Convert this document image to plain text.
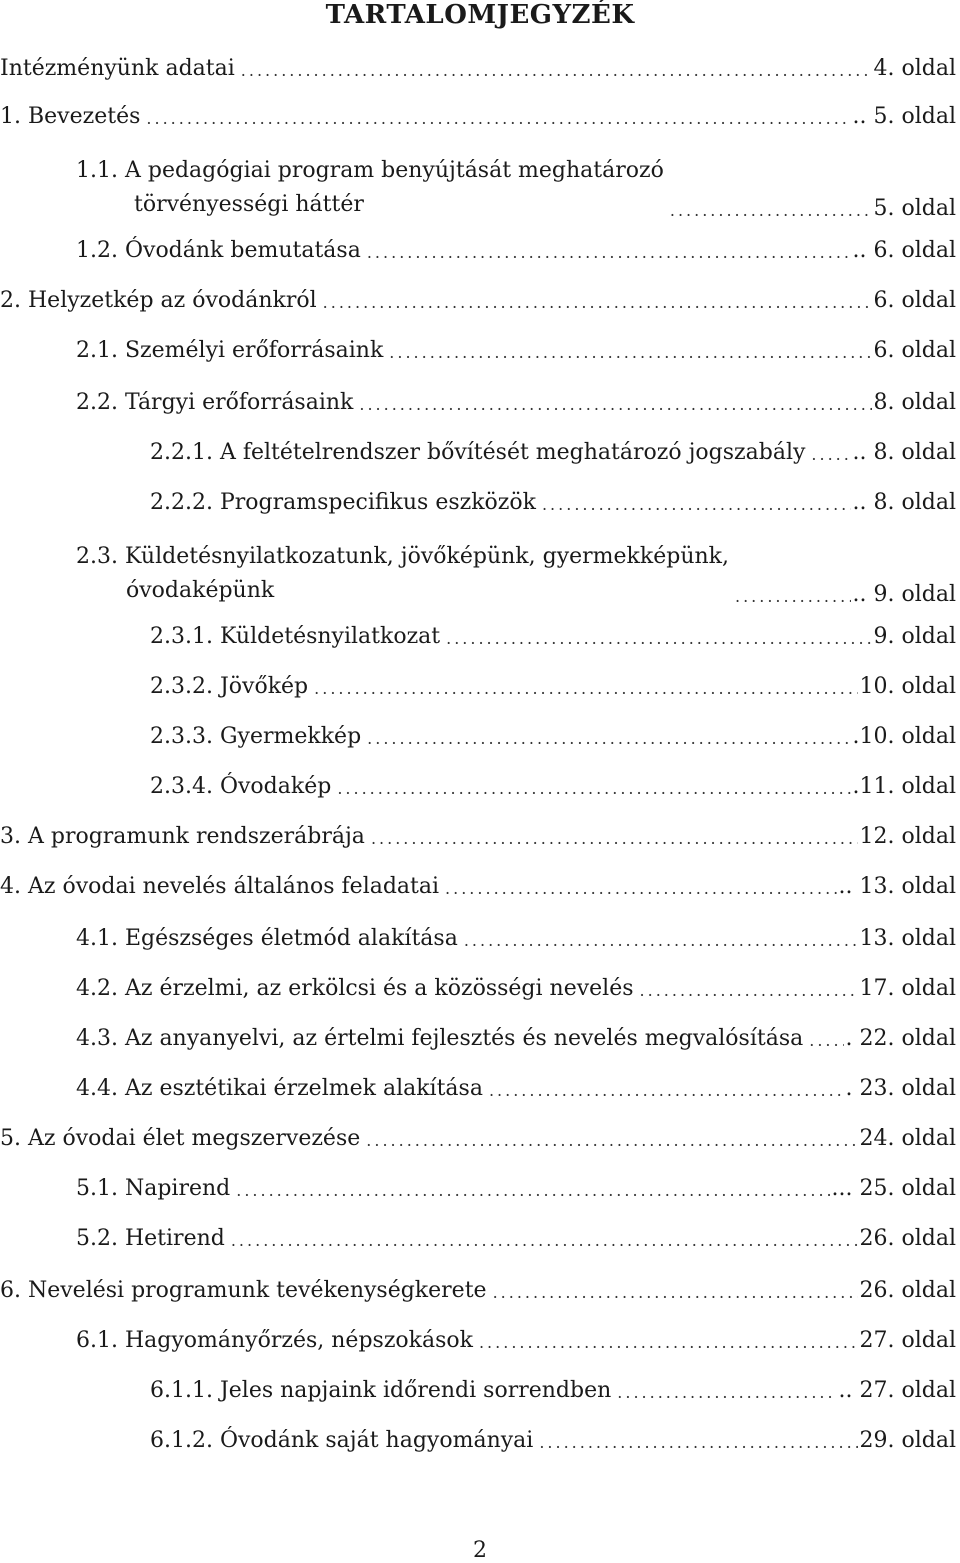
TARTALOMJEGYZÉK
Intézményünk adatai .....	4. oldal
1. Bevezetés .....	.. 5. oldal
1.1. A pedagógiai program benyújtását meghatározó
törvényességi háttér .....	5. oldal
1.2. Óvodánk bemutatása .....	.. 6. oldal
2. Helyzetkép az óvodánkról .....	6. oldal
2.1. Személyi erőforrásaink .....	6. oldal
2.2. Tárgyi erőforrásaink .....	8. oldal
2.2.1. A feltételrendszer bővítését meghatározó jogszabály ..... .. 8. oldal
2.2.2. Programspecifikus eszközök .....	.. 8. oldal
2.3. Küldetésnyilatkozatunk, jövőképünk, gyermekképünk,
óvodaképünk .....	.. 9. oldal
2.3.1. Küldetésnyilatkozat .....	9. oldal
2.3.2. Jövőkép .....	10. oldal
2.3.3. Gyermekkép .....	.10. oldal
2.3.4. Óvodakép .....	.11. oldal
3. A programunk rendszerábrája .....	12. oldal
4. Az óvodai nevelés általános feladatai .....	.. 13. oldal
4.1. Egészséges életmód alakítása .....	13. oldal
4.2. Az érzelmi, az erkölcsi és a közösségi nevelés .....	17. oldal
4.3. Az anyanyelvi, az értelmi fejlesztés és nevelés megvalósítása ..... . 22. oldal
4.4. Az esztétikai érzelmek alakítása .....	. 23. oldal
5. Az óvodai élet megszervezése .....	24. oldal
5.1. Napirend .....	... 25. oldal
5.2. Hetirend .....	26. oldal
6. Nevelési programunk tevékenységkerete .....	26. oldal
6.1. Hagyományőrzés, népszokások .....	27. oldal
6.1.1. Jeles napjaink időrendi sorrendben .....	.. 27. oldal
6.1.2. Óvodánk saját hagyományai .....	29. oldal
2
